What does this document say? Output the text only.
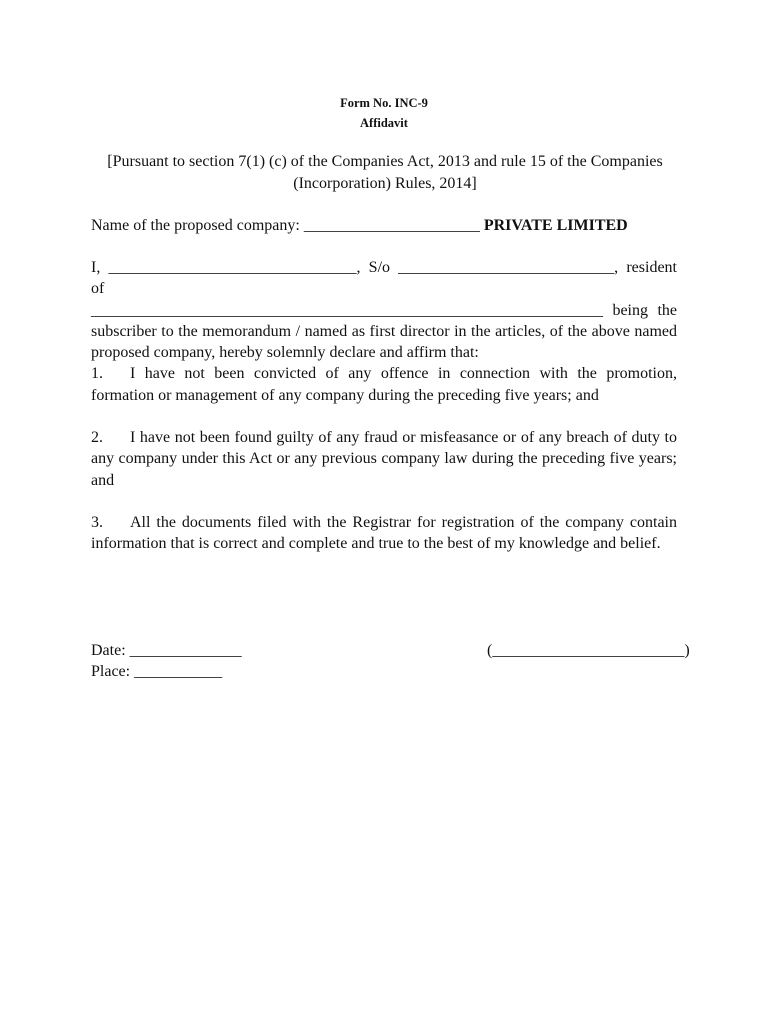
Form No. INC-9
Affidavit
[Pursuant to section 7(1) (c) of the Companies Act, 2013 and rule 15 of the Companies (Incorporation) Rules, 2014]
Name of the proposed company: ______________________ PRIVATE LIMITED
I, _______________________________, S/o ___________________________, resident of
________________________________________________________________ being the
subscriber to the memorandum / named as first director in the articles, of the above named proposed company, hereby solemnly declare and affirm that:
1. I have not been convicted of any offence in connection with the promotion, formation or management of any company during the preceding five years; and
2. I have not been found guilty of any fraud or misfeasance or of any breach of duty to any company under this Act or any previous company law during the preceding five years; and
3. All the documents filed with the Registrar for registration of the company contain information that is correct and complete and true to the best of my knowledge and belief.
Date: ______________
Place: ___________
(________________________)
